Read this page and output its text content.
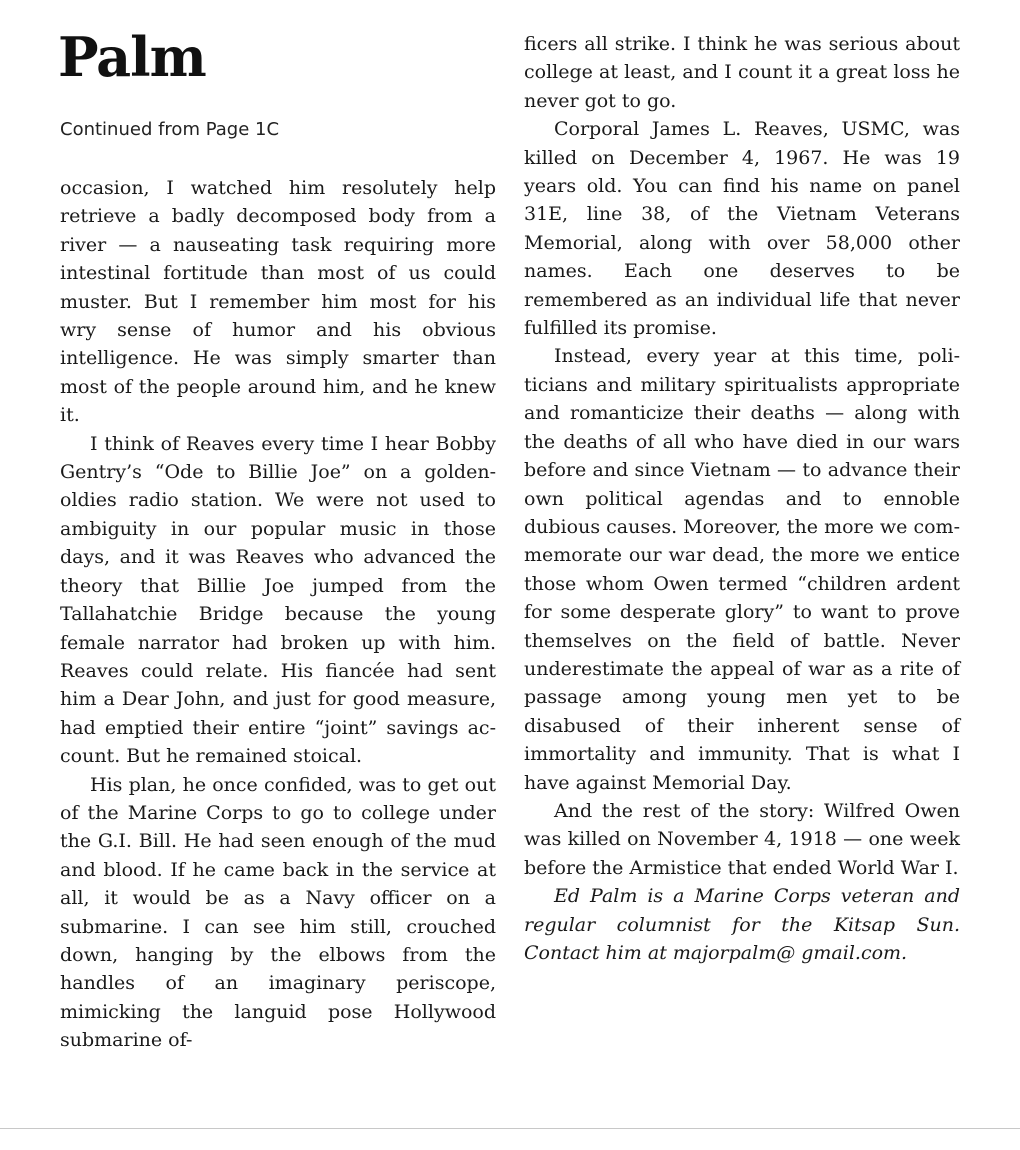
Palm
Continued from Page 1C

occasion, I watched him resolutely help retrieve a badly decomposed body from a river — a nauseating task requiring more intestinal fortitude than most of us could muster. But I remember him most for his wry sense of humor and his obvious intelligence. He was simply smarter than most of the people around him, and he knew it.

I think of Reaves every time I hear Bobby Gentry’s “Ode to Billie Joe” on a golden-oldies radio station. We were not used to ambiguity in our popular music in those days, and it was Reaves who advanced the theory that Billie Joe jumped from the Tallahatchie Bridge because the young female narrator had broken up with him. Reaves could relate. His fiancée had sent him a Dear John, and just for good measure, had emptied their entire “joint” savings account. But he remained stoical.

His plan, he once confided, was to get out of the Marine Corps to go to college under the G.I. Bill. He had seen enough of the mud and blood. If he came back in the service at all, it would be as a Navy officer on a submarine. I can see him still, crouched down, hanging by the elbows from the handles of an imaginary periscope, mimicking the languid pose Hollywood submarine of-

ficers all strike. I think he was serious about college at least, and I count it a great loss he never got to go.

Corporal James L. Reaves, USMC, was killed on December 4, 1967. He was 19 years old. You can find his name on panel 31E, line 38, of the Vietnam Veterans Memorial, along with over 58,000 other names. Each one deserves to be remembered as an individual life that never fulfilled its promise.

Instead, every year at this time, politicians and military spiritualists appropriate and romanticize their deaths — along with the deaths of all who have died in our wars before and since Vietnam — to advance their own political agendas and to ennoble dubious causes. Moreover, the more we commemorate our war dead, the more we entice those whom Owen termed “children ardent for some desperate glory” to want to prove themselves on the field of battle. Never underestimate the appeal of war as a rite of passage among young men yet to be disabused of their inherent sense of immortality and immunity. That is what I have against Memorial Day.

And the rest of the story: Wilfred Owen was killed on November 4, 1918 — one week before the Armistice that ended World War I.

Ed Palm is a Marine Corps veteran and regular columnist for the Kitsap Sun. Contact him at majorpalm@ gmail.com.
